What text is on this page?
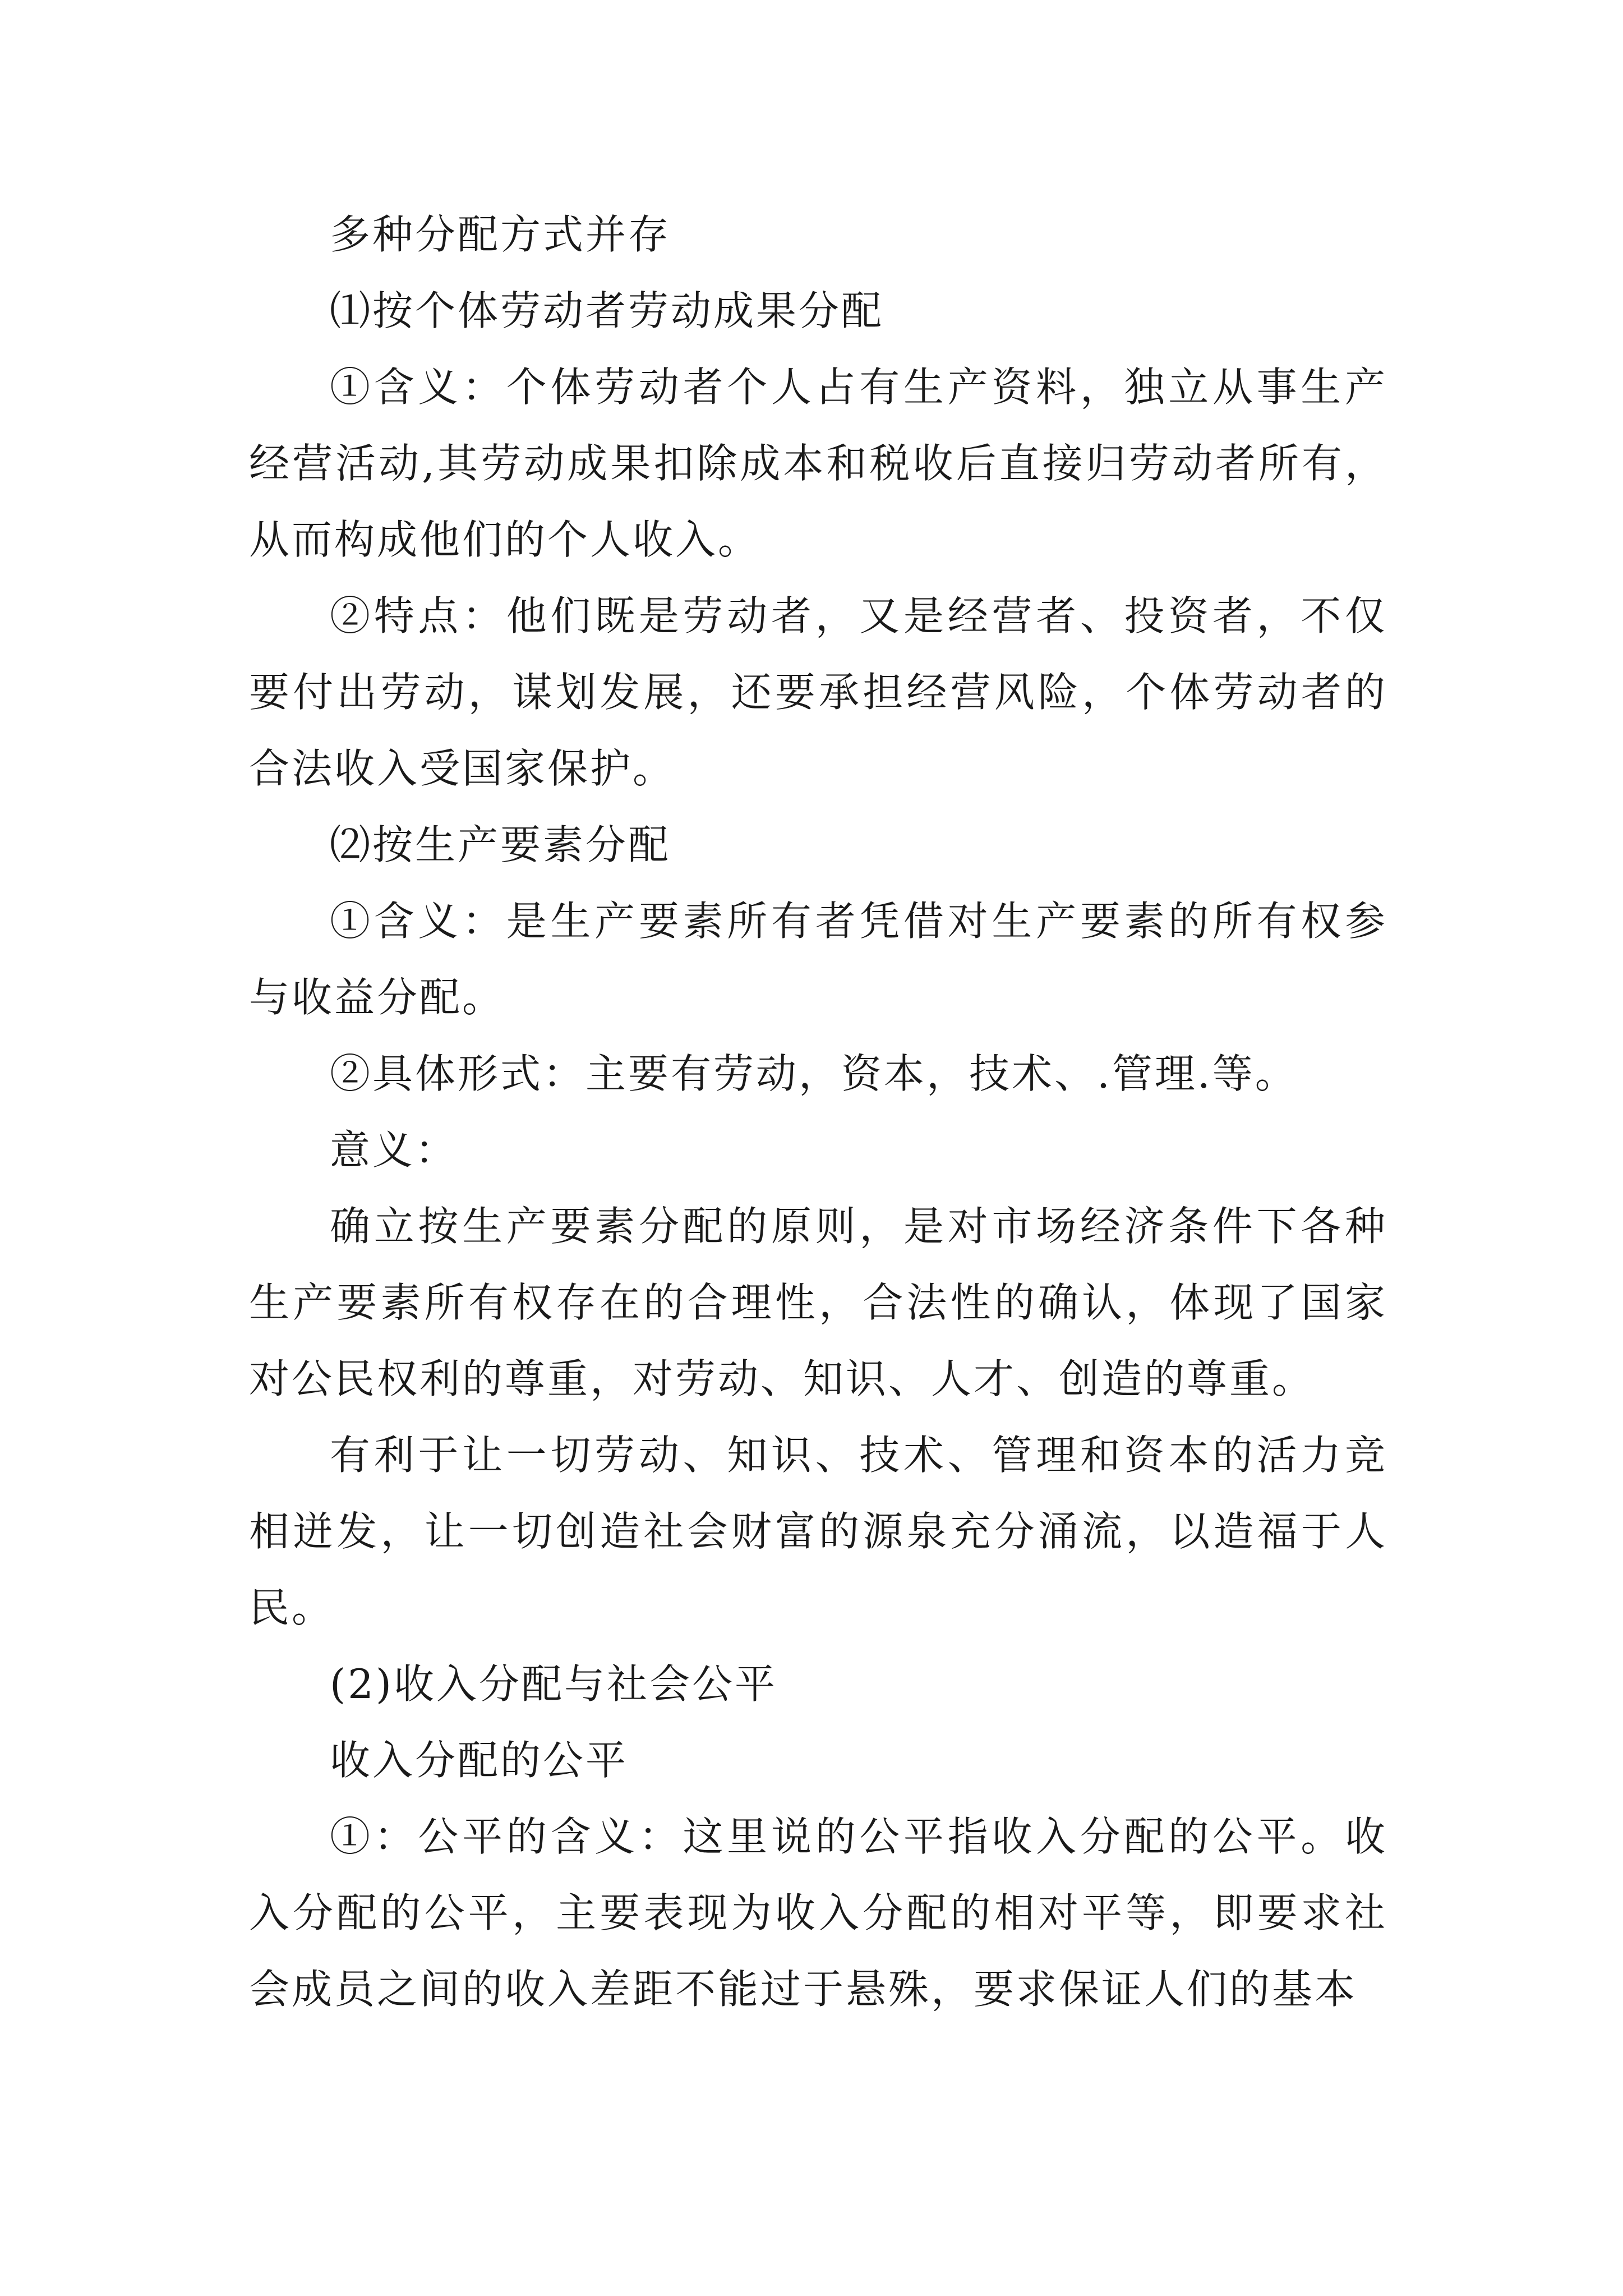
多种分配方式并存

⑴按个体劳动者劳动成果分配

①含义：个体劳动者个人占有生产资料，独立从事生产经营活动,其劳动成果扣除成本和税收后直接归劳动者所有，从而构成他们的个人收入。

②特点：他们既是劳动者，又是经营者、投资者，不仅要付出劳动，谋划发展，还要承担经营风险，个体劳动者的合法收入受国家保护。

⑵按生产要素分配

①含义：是生产要素所有者凭借对生产要素的所有权参与收益分配。

②具体形式：主要有劳动，资本，技术、.管理.等。

意义：

确立按生产要素分配的原则，是对市场经济条件下各种生产要素所有权存在的合理性，合法性的确认，体现了国家对公民权利的尊重，对劳动、知识、人才、创造的尊重。

有利于让一切劳动、知识、技术、管理和资本的活力竞相迸发，让一切创造社会财富的源泉充分涌流，以造福于人民。

(2)收入分配与社会公平

收入分配的公平

①：公平的含义：这里说的公平指收入分配的公平。收入分配的公平，主要表现为收入分配的相对平等，即要求社会成员之间的收入差距不能过于悬殊，要求保证人们的基本
